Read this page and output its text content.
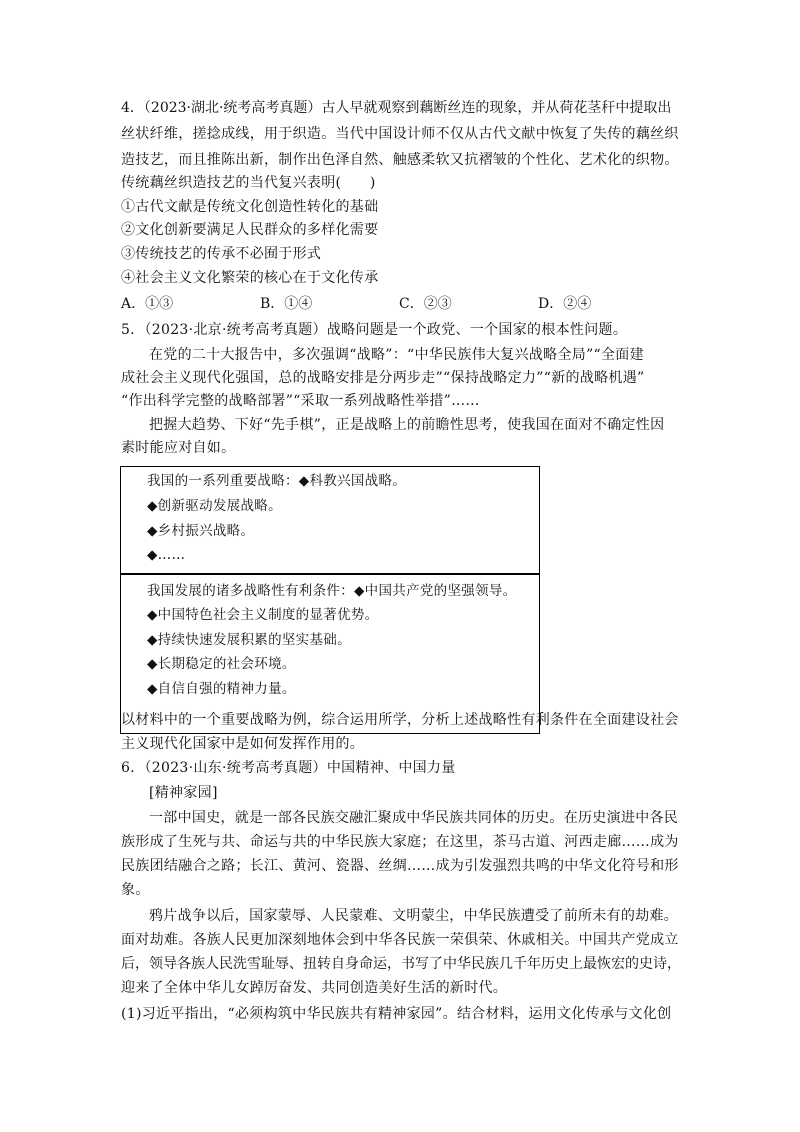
4．（2023·湖北·统考高考真题）古人早就观察到藕断丝连的现象，并从荷花茎秆中提取出
丝状纤维，搓捻成线，用于织造。当代中国设计师不仅从古代文献中恢复了失传的藕丝织
造技艺，而且推陈出新，制作出色泽自然、触感柔软又抗褶皱的个性化、艺术化的织物。
传统藕丝织造技艺的当代复兴表明(　　)
①古代文献是传统文化创造性转化的基础
②文化创新要满足人民群众的多样化需要
③传统技艺的传承不必囿于形式
④社会主义文化繁荣的核心在于文化传承
A．①③	B．①④	C．②③	D．②④
5．（2023·北京·统考高考真题）战略问题是一个政党、一个国家的根本性问题。
在党的二十大报告中，多次强调“战略”：“中华民族伟大复兴战略全局”“全面建
成社会主义现代化强国，总的战略安排是分两步走”“保持战略定力”“新的战略机遇”
“作出科学完整的战略部署”“采取一系列战略性举措”……
把握大趋势、下好“先手棋”，正是战略上的前瞻性思考，使我国在面对不确定性因
素时能应对自如。
我国的一系列重要战略：◆科教兴国战略。
◆创新驱动发展战略。
◆乡村振兴战略。
◆……
我国发展的诸多战略性有利条件：◆中国共产党的坚强领导。
◆中国特色社会主义制度的显著优势。
◆持续快速发展积累的坚实基础。
◆长期稳定的社会环境。
◆自信自强的精神力量。
以材料中的一个重要战略为例，综合运用所学，分析上述战略性有利条件在全面建设社会
主义现代化国家中是如何发挥作用的。
6．（2023·山东·统考高考真题）中国精神、中国力量
[精神家园]
一部中国史，就是一部各民族交融汇聚成中华民族共同体的历史。在历史演进中各民
族形成了生死与共、命运与共的中华民族大家庭；在这里，茶马古道、河西走廊……成为
民族团结融合之路；长江、黄河、瓷器、丝绸……成为引发强烈共鸣的中华文化符号和形
象。
鸦片战争以后，国家蒙辱、人民蒙难、文明蒙尘，中华民族遭受了前所未有的劫难。
面对劫难。各族人民更加深刻地体会到中华各民族一荣俱荣、休戚相关。中国共产党成立
后，领导各族人民洗雪耻辱、扭转自身命运，书写了中华民族几千年历史上最恢宏的史诗，
迎来了全体中华儿女踔厉奋发、共同创造美好生活的新时代。
(1)习近平指出，“必须构筑中华民族共有精神家园”。结合材料，运用文化传承与文化创
